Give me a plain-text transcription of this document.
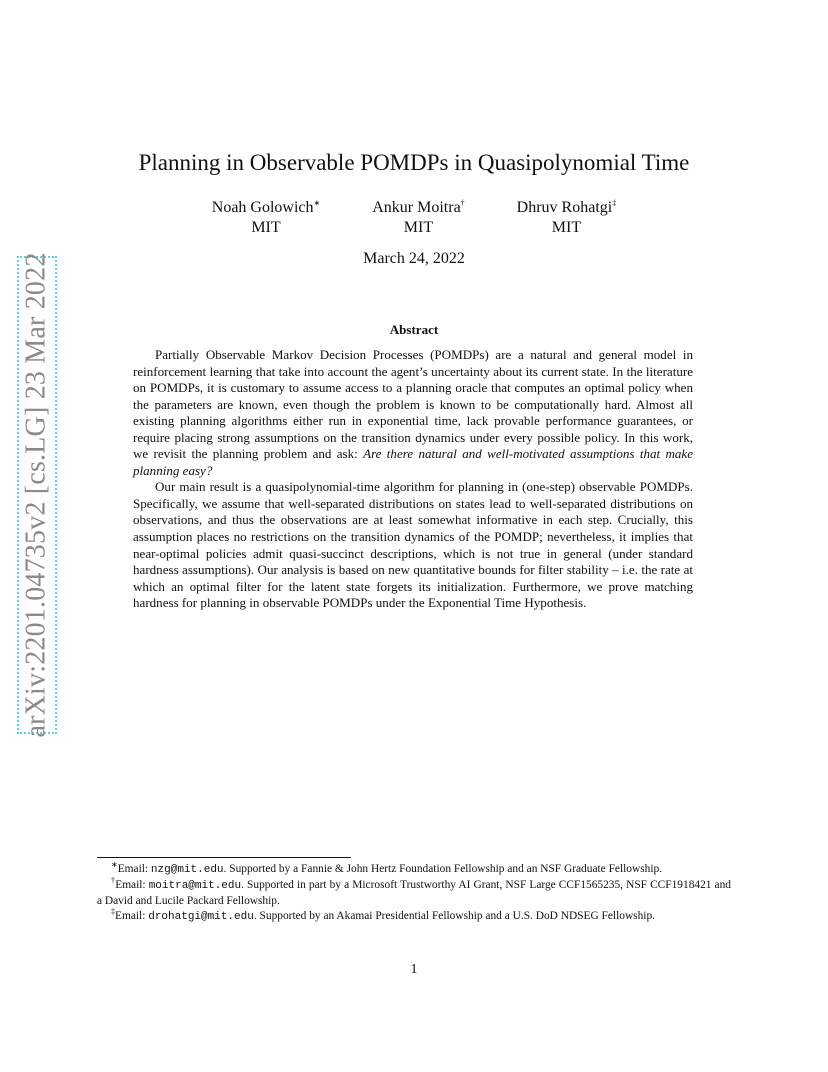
arXiv:2201.04735v2 [cs.LG] 23 Mar 2022
Planning in Observable POMDPs in Quasipolynomial Time
Noah Golowich∗
MIT
Ankur Moitra†
MIT
Dhruv Rohatgi‡
MIT
March 24, 2022
Abstract

Partially Observable Markov Decision Processes (POMDPs) are a natural and general model in reinforcement learning that take into account the agent’s uncertainty about its current state. In the literature on POMDPs, it is customary to assume access to a planning oracle that computes an optimal policy when the parameters are known, even though the problem is known to be computationally hard. Almost all existing planning algorithms either run in exponential time, lack provable performance guarantees, or require placing strong assumptions on the transition dynamics under every possible policy. In this work, we revisit the planning problem and ask: Are there natural and well-motivated assumptions that make planning easy?

Our main result is a quasipolynomial-time algorithm for planning in (one-step) observable POMDPs. Specifically, we assume that well-separated distributions on states lead to well-separated distributions on observations, and thus the observations are at least somewhat informative in each step. Crucially, this assumption places no restrictions on the transition dynamics of the POMDP; nevertheless, it implies that near-optimal policies admit quasi-succinct descriptions, which is not true in general (under standard hardness assumptions). Our analysis is based on new quantitative bounds for filter stability – i.e. the rate at which an optimal filter for the latent state forgets its initialization. Furthermore, we prove matching hardness for planning in observable POMDPs under the Exponential Time Hypothesis.

∗Email: nzg@mit.edu. Supported by a Fannie & John Hertz Foundation Fellowship and an NSF Graduate Fellowship.

†Email: moitra@mit.edu. Supported in part by a Microsoft Trustworthy AI Grant, NSF Large CCF1565235, NSF CCF1918421 and a David and Lucile Packard Fellowship.

‡Email: drohatgi@mit.edu. Supported by an Akamai Presidential Fellowship and a U.S. DoD NDSEG Fellowship.

1
